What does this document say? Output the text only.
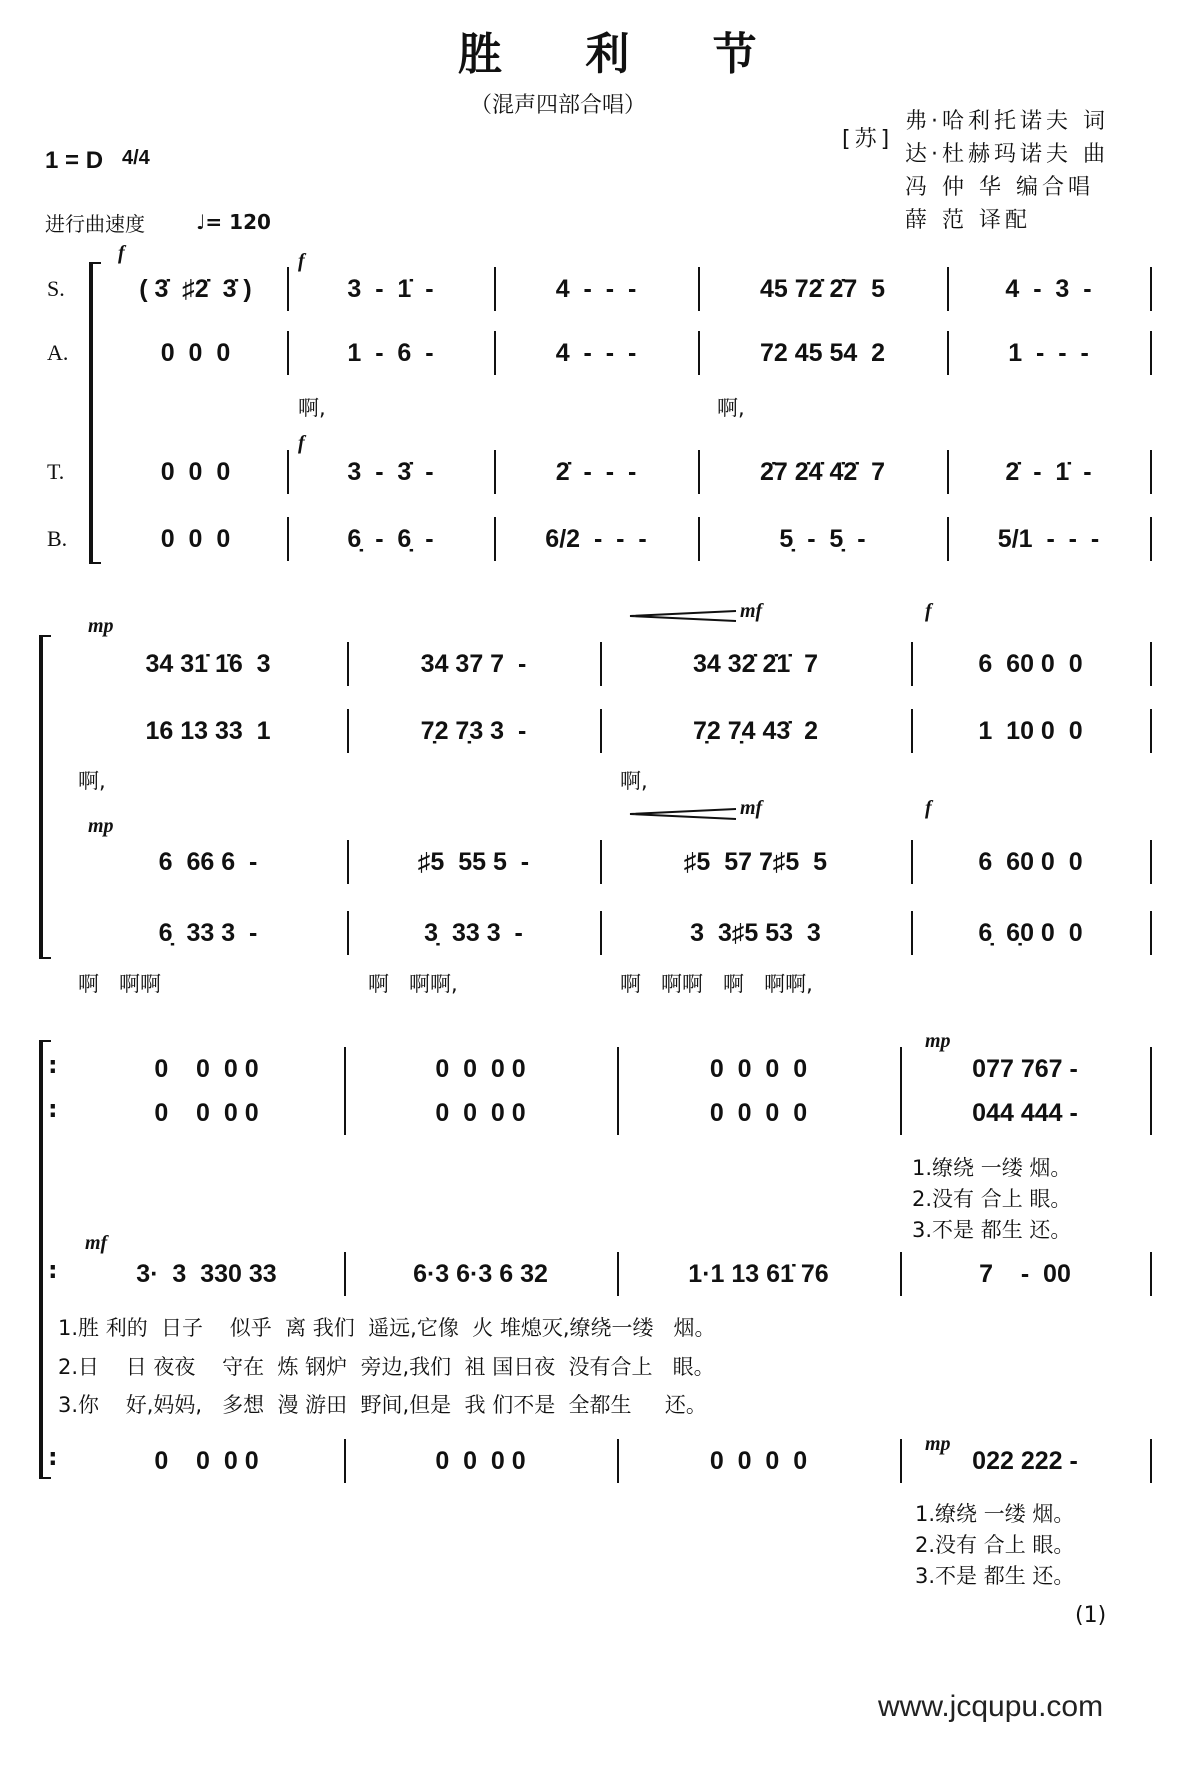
胜 利 节
（混声四部合唱）
[苏]
弗·哈利托诺夫 词
达·杜赫玛诺夫 曲
冯 仲 华 编合唱
薛 范 译配
1 = D 4/4
进行曲速度	♩= 120
S.
A.
T.
B.
(1)
www.jcqupu.com
( 3̇  ♯2̇  3̇ )	3  -  1̇  -	4  -  -  -	45 72̇ 2̇7  5	4  -  3  -
0  0  0	1  -  6  -	4  -  -  -	72 45 54  2	1  -  -  -
0  0  0	3  -  3̇  -	2̇  -  -  -	2̇7 2̇4̇ 4̇2̇  7	2̇  -  1̇  -
0  0  0	6̣  -  6̣  -	6/2  -  -  -	5̣  -  5̣  -	5/1  -  -  -
34 31̇ 1̇6  3	34 37 7  -	34 32̇ 2̇1̇  7	6  60 0  0
16 13 33  1	7̣2 7̣3 3  -	7̣2 7̣4 43̇  2	1  10 0  0
6  66 6  -	♯5  55 5  -	♯5  57 7♯5  5	6  60 0  0
6̣  33 3  -	3̣  33 3  -	3  3♯5 53  3	6̣  6̣0 0  0
:	0    0  0 0	0  0  0 0	0  0  0  0	077 767 -
:	0    0  0 0	0  0  0 0	0  0  0  0	044 444 -
:	3·  3  330 33	6·3 6·3 6 32	1·1 13 61̇ 76	7    -  00
:	0    0  0 0	0  0  0 0	0  0  0  0	022 222 -
f	f
f
mp
mf	f
mp
mf	f
mp
mf
mp
啊,	啊,
啊,	啊,
啊   啊啊	啊   啊啊,	啊   啊啊   啊   啊啊,
1.缭绕 一缕 烟。
2.没有 合上 眼。
3.不是 都生 还。
1.缭绕 一缕 烟。
2.没有 合上 眼。
3.不是 都生 还。
1.胜 利的  日子    似乎  离 我们  遥远,它像  火 堆熄灭,缭绕一缕   烟。
2.日    日 夜夜    守在  炼 钢炉  旁边,我们  祖 国日夜  没有合上   眼。
3.你    好,妈妈,   多想  漫 游田  野间,但是  我 们不是  全都生     还。
